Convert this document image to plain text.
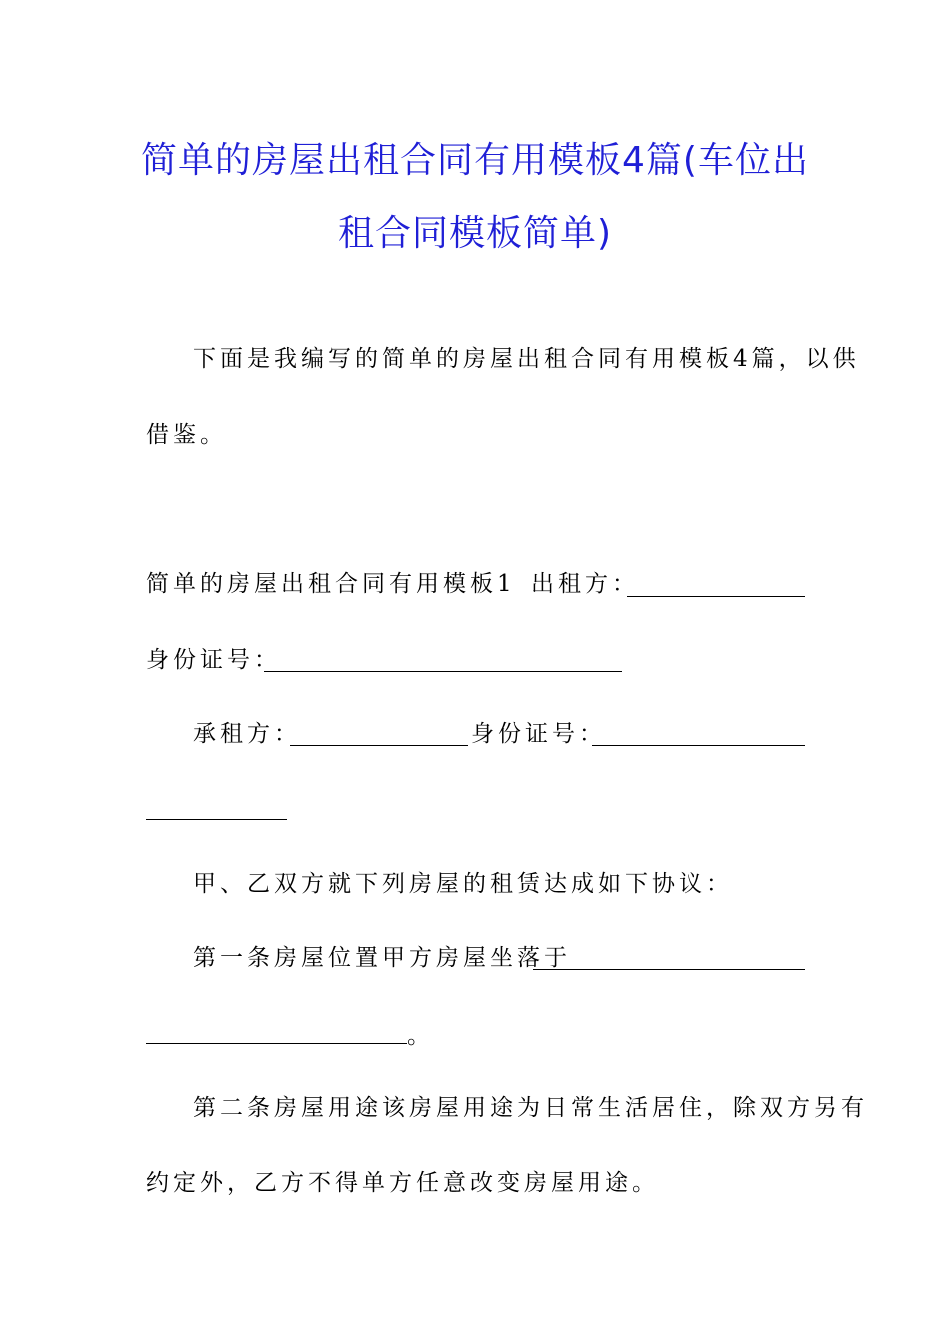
简单的房屋出租合同有用模板4篇(车位出
租合同模板简单)
下面是我编写的简单的房屋出租合同有用模板4篇，以供
借鉴。
简单的房屋出租合同有用模板1 出租方：
身份证号：
承租方：	身份证号：
甲、乙双方就下列房屋的租赁达成如下协议：
第一条房屋位置甲方房屋坐落于
。
第二条房屋用途该房屋用途为日常生活居住，除双方另有
约定外，乙方不得单方任意改变房屋用途。
